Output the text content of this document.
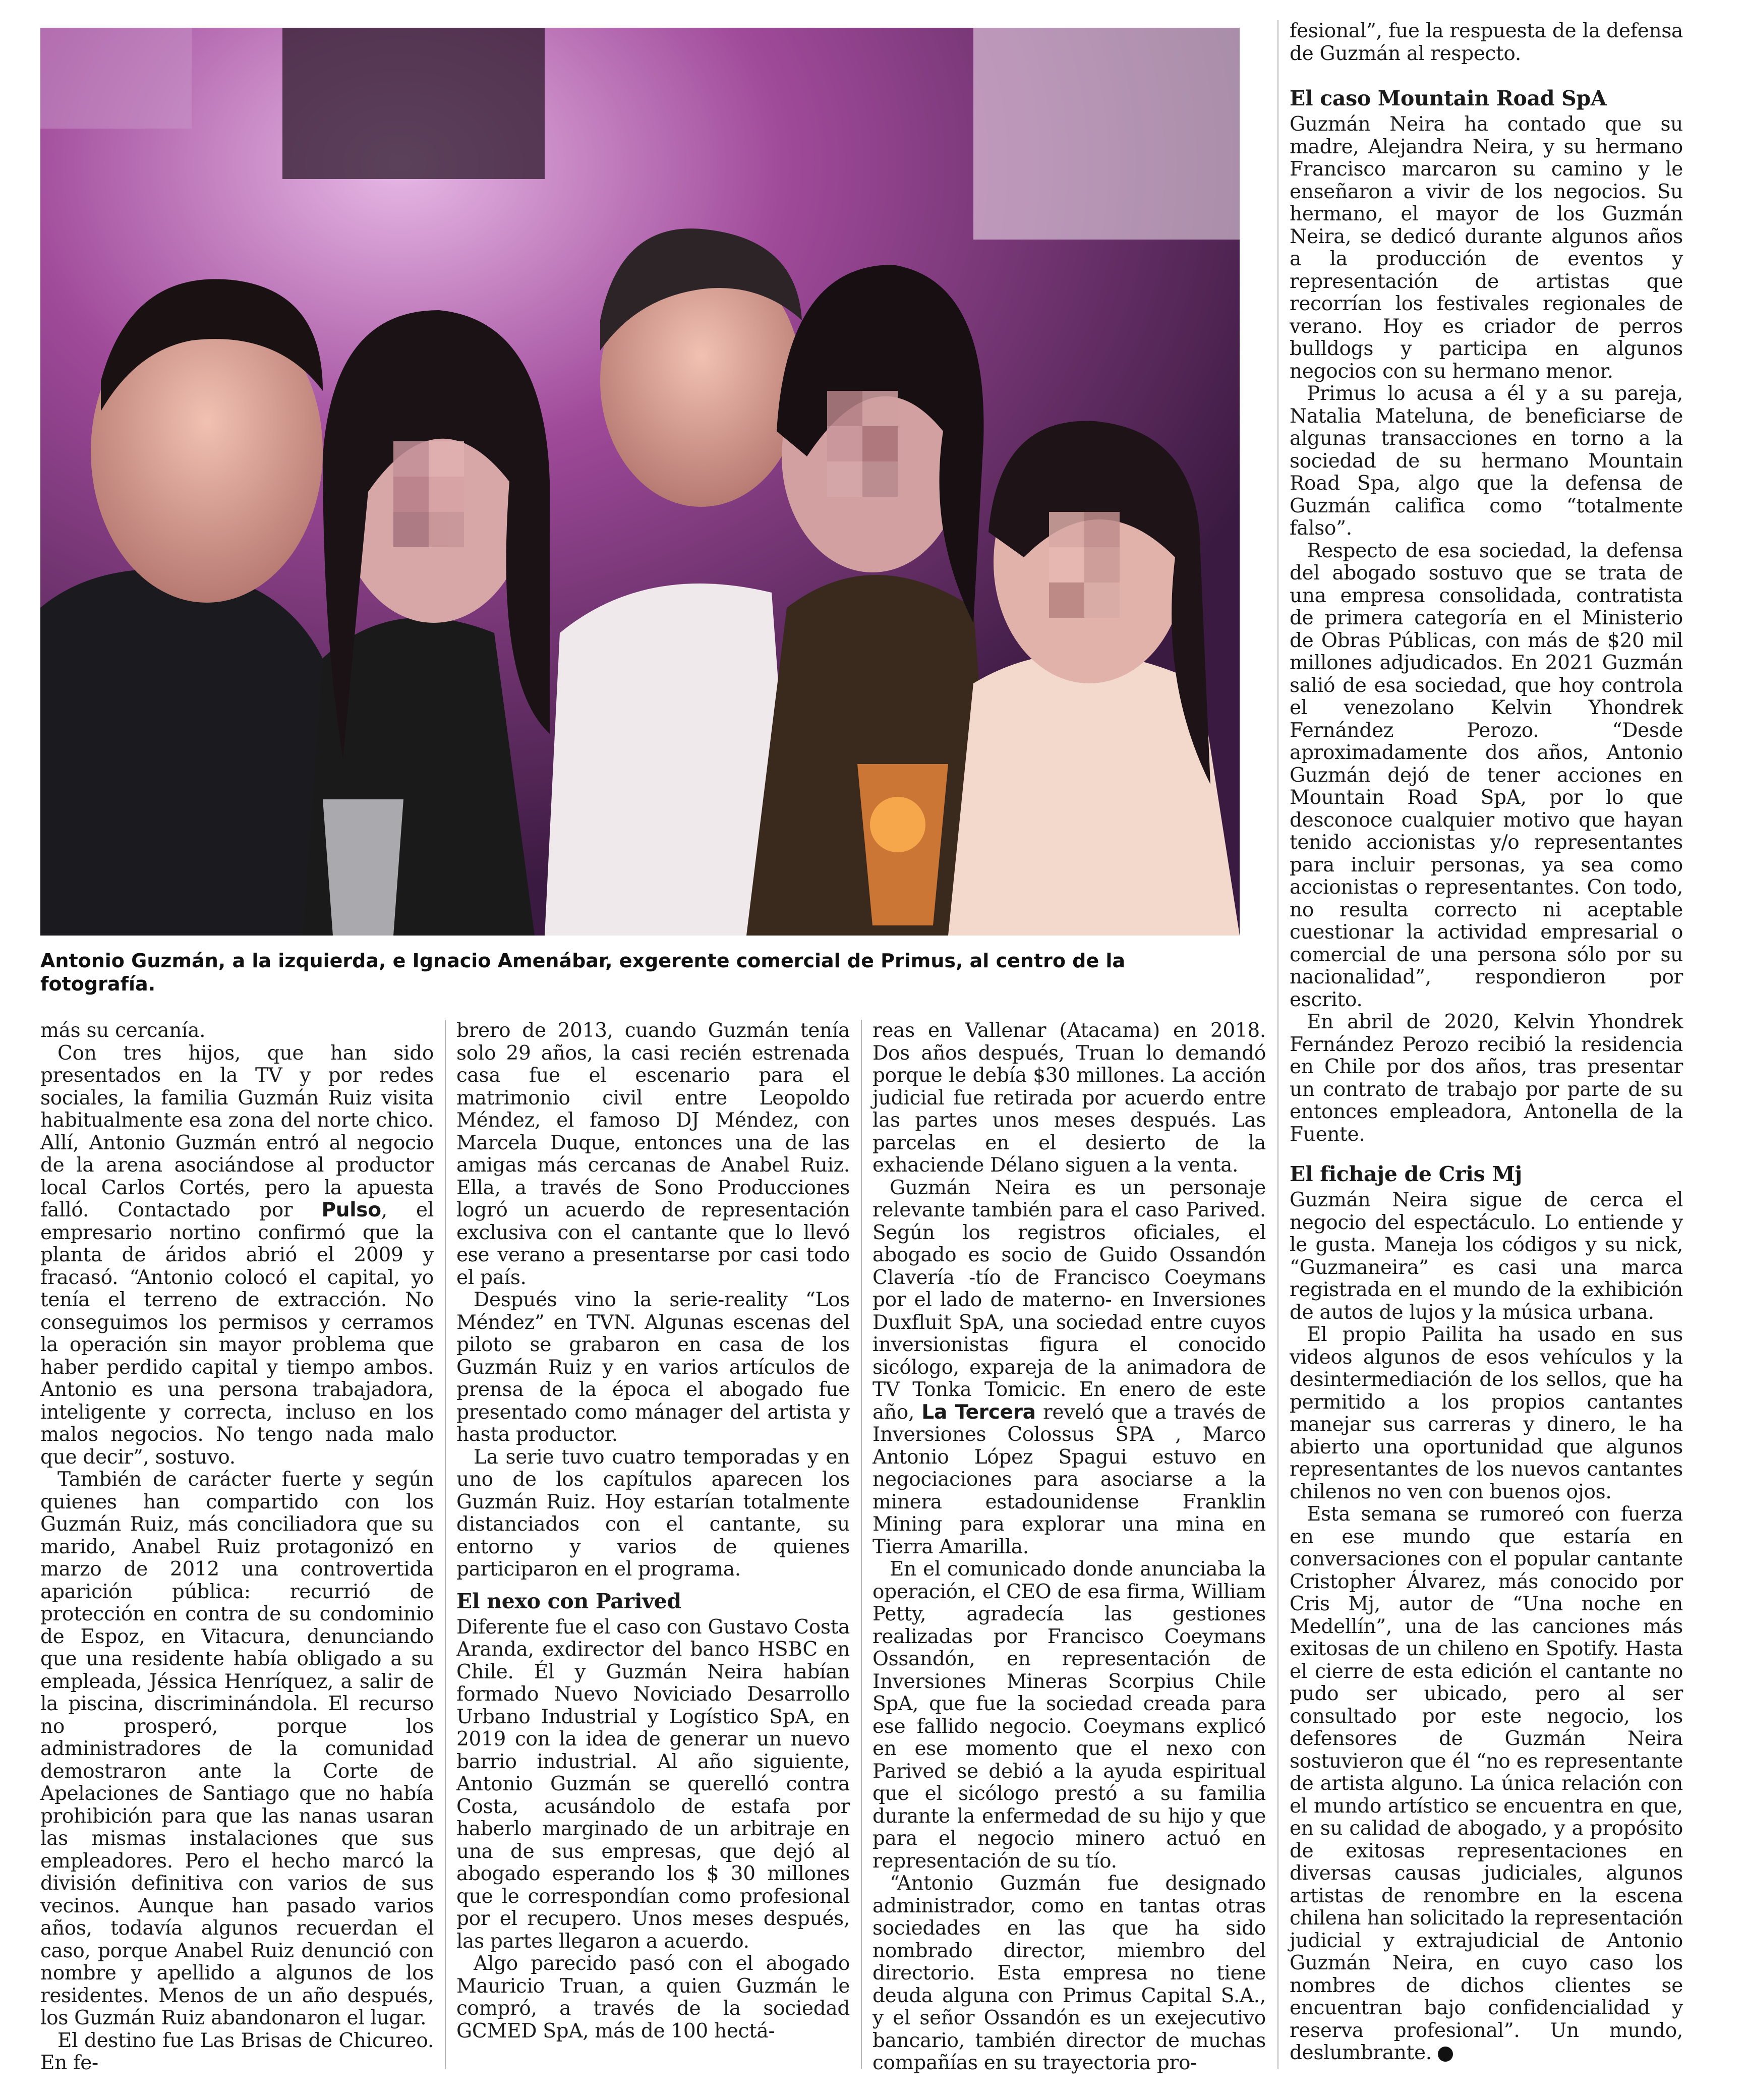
Antonio Guzmán, a la izquierda, e Ignacio Amenábar, exgerente comercial de Primus, al centro de la fotografía.

más su cercanía.

Con tres hijos, que han sido presentados en la TV y por redes sociales, la familia Guzmán Ruiz visita habitualmente esa zona del norte chico. Allí, Antonio Guzmán entró al negocio de la arena asociándose al productor local Carlos Cortés, pero la apuesta falló. Contactado por Pulso, el empresario nortino confirmó que la planta de áridos abrió el 2009 y fracasó. “Antonio colocó el capital, yo tenía el terreno de extracción. No conseguimos los permisos y cerramos la operación sin mayor problema que haber perdido capital y tiempo ambos. Antonio es una persona trabajadora, inteligente y correcta, incluso en los malos negocios. No tengo nada malo que decir”, sostuvo.

También de carácter fuerte y según quienes han compartido con los Guzmán Ruiz, más conciliadora que su marido, Anabel Ruiz protagonizó en marzo de 2012 una controvertida aparición pública: recurrió de protección en contra de su condominio de Espoz, en Vitacura, denunciando que una residente había obligado a su empleada, Jéssica Henríquez, a salir de la piscina, discriminándola. El recurso no prosperó, porque los administradores de la comunidad demostraron ante la Corte de Apelaciones de Santiago que no había prohibición para que las nanas usaran las mismas instalaciones que sus empleadores. Pero el hecho marcó la división definitiva con varios de sus vecinos. Aunque han pasado varios años, todavía algunos recuerdan el caso, porque Anabel Ruiz denunció con nombre y apellido a algunos de los residentes. Menos de un año después, los Guzmán Ruiz abandonaron el lugar.

El destino fue Las Brisas de Chicureo. En fe-

brero de 2013, cuando Guzmán tenía solo 29 años, la casi recién estrenada casa fue el escenario para el matrimonio civil entre Leopoldo Méndez, el famoso DJ Méndez, con Marcela Duque, entonces una de las amigas más cercanas de Anabel Ruiz. Ella, a través de Sono Producciones logró un acuerdo de representación exclusiva con el cantante que lo llevó ese verano a presentarse por casi todo el país.

Después vino la serie-reality “Los Méndez” en TVN. Algunas escenas del piloto se grabaron en casa de los Guzmán Ruiz y en varios artículos de prensa de la época el abogado fue presentado como mánager del artista y hasta productor.

La serie tuvo cuatro temporadas y en uno de los capítulos aparecen los Guzmán Ruiz. Hoy estarían totalmente distanciados con el cantante, su entorno y varios de quienes participaron en el programa.

El nexo con Parived

Diferente fue el caso con Gustavo Costa Aranda, exdirector del banco HSBC en Chile. Él y Guzmán Neira habían formado Nuevo Noviciado Desarrollo Urbano Industrial y Logístico SpA, en 2019 con la idea de generar un nuevo barrio industrial. Al año siguiente, Antonio Guzmán se querelló contra Costa, acusándolo de estafa por haberlo marginado de un arbitraje en una de sus empresas, que dejó al abogado esperando los $ 30 millones que le correspondían como profesional por el recupero. Unos meses después, las partes llegaron a acuerdo.

Algo parecido pasó con el abogado Mauricio Truan, a quien Guzmán le compró, a través de la sociedad GCMED SpA, más de 100 hectá-

reas en Vallenar (Atacama) en 2018. Dos años después, Truan lo demandó porque le debía $30 millones. La acción judicial fue retirada por acuerdo entre las partes unos meses después. Las parcelas en el desierto de la exhaciende Délano siguen a la venta.

Guzmán Neira es un personaje relevante también para el caso Parived. Según los registros oficiales, el abogado es socio de Guido Ossandón Clavería -tío de Francisco Coeymans por el lado de materno- en Inversiones Duxfluit SpA, una sociedad entre cuyos inversionistas figura el conocido sicólogo, expareja de la animadora de TV Tonka Tomicic. En enero de este año, La Tercera reveló que a través de Inversiones Colossus SPA , Marco Antonio López Spagui estuvo en negociaciones para asociarse a la minera estadounidense Franklin Mining para explorar una mina en Tierra Amarilla.

En el comunicado donde anunciaba la operación, el CEO de esa firma, William Petty, agradecía las gestiones realizadas por Francisco Coeymans Ossandón, en representación de Inversiones Mineras Scorpius Chile SpA, que fue la sociedad creada para ese fallido negocio. Coeymans explicó en ese momento que el nexo con Parived se debió a la ayuda espiritual que el sicólogo prestó a su familia durante la enfermedad de su hijo y que para el negocio minero actuó en representación de su tío.

“Antonio Guzmán fue designado administrador, como en tantas otras sociedades en las que ha sido nombrado director, miembro del directorio. Esta empresa no tiene deuda alguna con Primus Capital S.A., y el señor Ossandón es un exejecutivo bancario, también director de muchas compañías en su trayectoria pro-

fesional”, fue la respuesta de la defensa de Guzmán al respecto.

El caso Mountain Road SpA

Guzmán Neira ha contado que su madre, Alejandra Neira, y su hermano Francisco marcaron su camino y le enseñaron a vivir de los negocios. Su hermano, el mayor de los Guzmán Neira, se dedicó durante algunos años a la producción de eventos y representación de artistas que recorrían los festivales regionales de verano. Hoy es criador de perros bulldogs y participa en algunos negocios con su hermano menor.

Primus lo acusa a él y a su pareja, Natalia Mateluna, de beneficiarse de algunas transacciones en torno a la sociedad de su hermano Mountain Road Spa, algo que la defensa de Guzmán califica como “totalmente falso”.

Respecto de esa sociedad, la defensa del abogado sostuvo que se trata de una empresa consolidada, contratista de primera categoría en el Ministerio de Obras Públicas, con más de $20 mil millones adjudicados. En 2021 Guzmán salió de esa sociedad, que hoy controla el venezolano Kelvin Yhondrek Fernández Perozo. “Desde aproximadamente dos años, Antonio Guzmán dejó de tener acciones en Mountain Road SpA, por lo que desconoce cualquier motivo que hayan tenido accionistas y/o representantes para incluir personas, ya sea como accionistas o representantes. Con todo, no resulta correcto ni aceptable cuestionar la actividad empresarial o comercial de una persona sólo por su nacionalidad”, respondieron por escrito.

En abril de 2020, Kelvin Yhondrek Fernández Perozo recibió la residencia en Chile por dos años, tras presentar un contrato de trabajo por parte de su entonces empleadora, Antonella de la Fuente.

El fichaje de Cris Mj

Guzmán Neira sigue de cerca el negocio del espectáculo. Lo entiende y le gusta. Maneja los códigos y su nick, “Guzmaneira” es casi una marca registrada en el mundo de la exhibición de autos de lujos y la música urbana.

El propio Pailita ha usado en sus videos algunos de esos vehículos y la desintermediación de los sellos, que ha permitido a los propios cantantes manejar sus carreras y dinero, le ha abierto una oportunidad que algunos representantes de los nuevos cantantes chilenos no ven con buenos ojos.

Esta semana se rumoreó con fuerza en ese mundo que estaría en conversaciones con el popular cantante Cristopher Álvarez, más conocido por Cris Mj, autor de “Una noche en Medellín”, una de las canciones más exitosas de un chileno en Spotify. Hasta el cierre de esta edición el cantante no pudo ser ubicado, pero al ser consultado por este negocio, los defensores de Guzmán Neira sostuvieron que él “no es representante de artista alguno. La única relación con el mundo artístico se encuentra en que, en su calidad de abogado, y a propósito de exitosas representaciones en diversas causas judiciales, algunos artistas de renombre en la escena chilena han solicitado la representación judicial y extrajudicial de Antonio Guzmán Neira, en cuyo caso los nombres de dichos clientes se encuentran bajo confidencialidad y reserva profesional”. Un mundo, deslumbrante. P
